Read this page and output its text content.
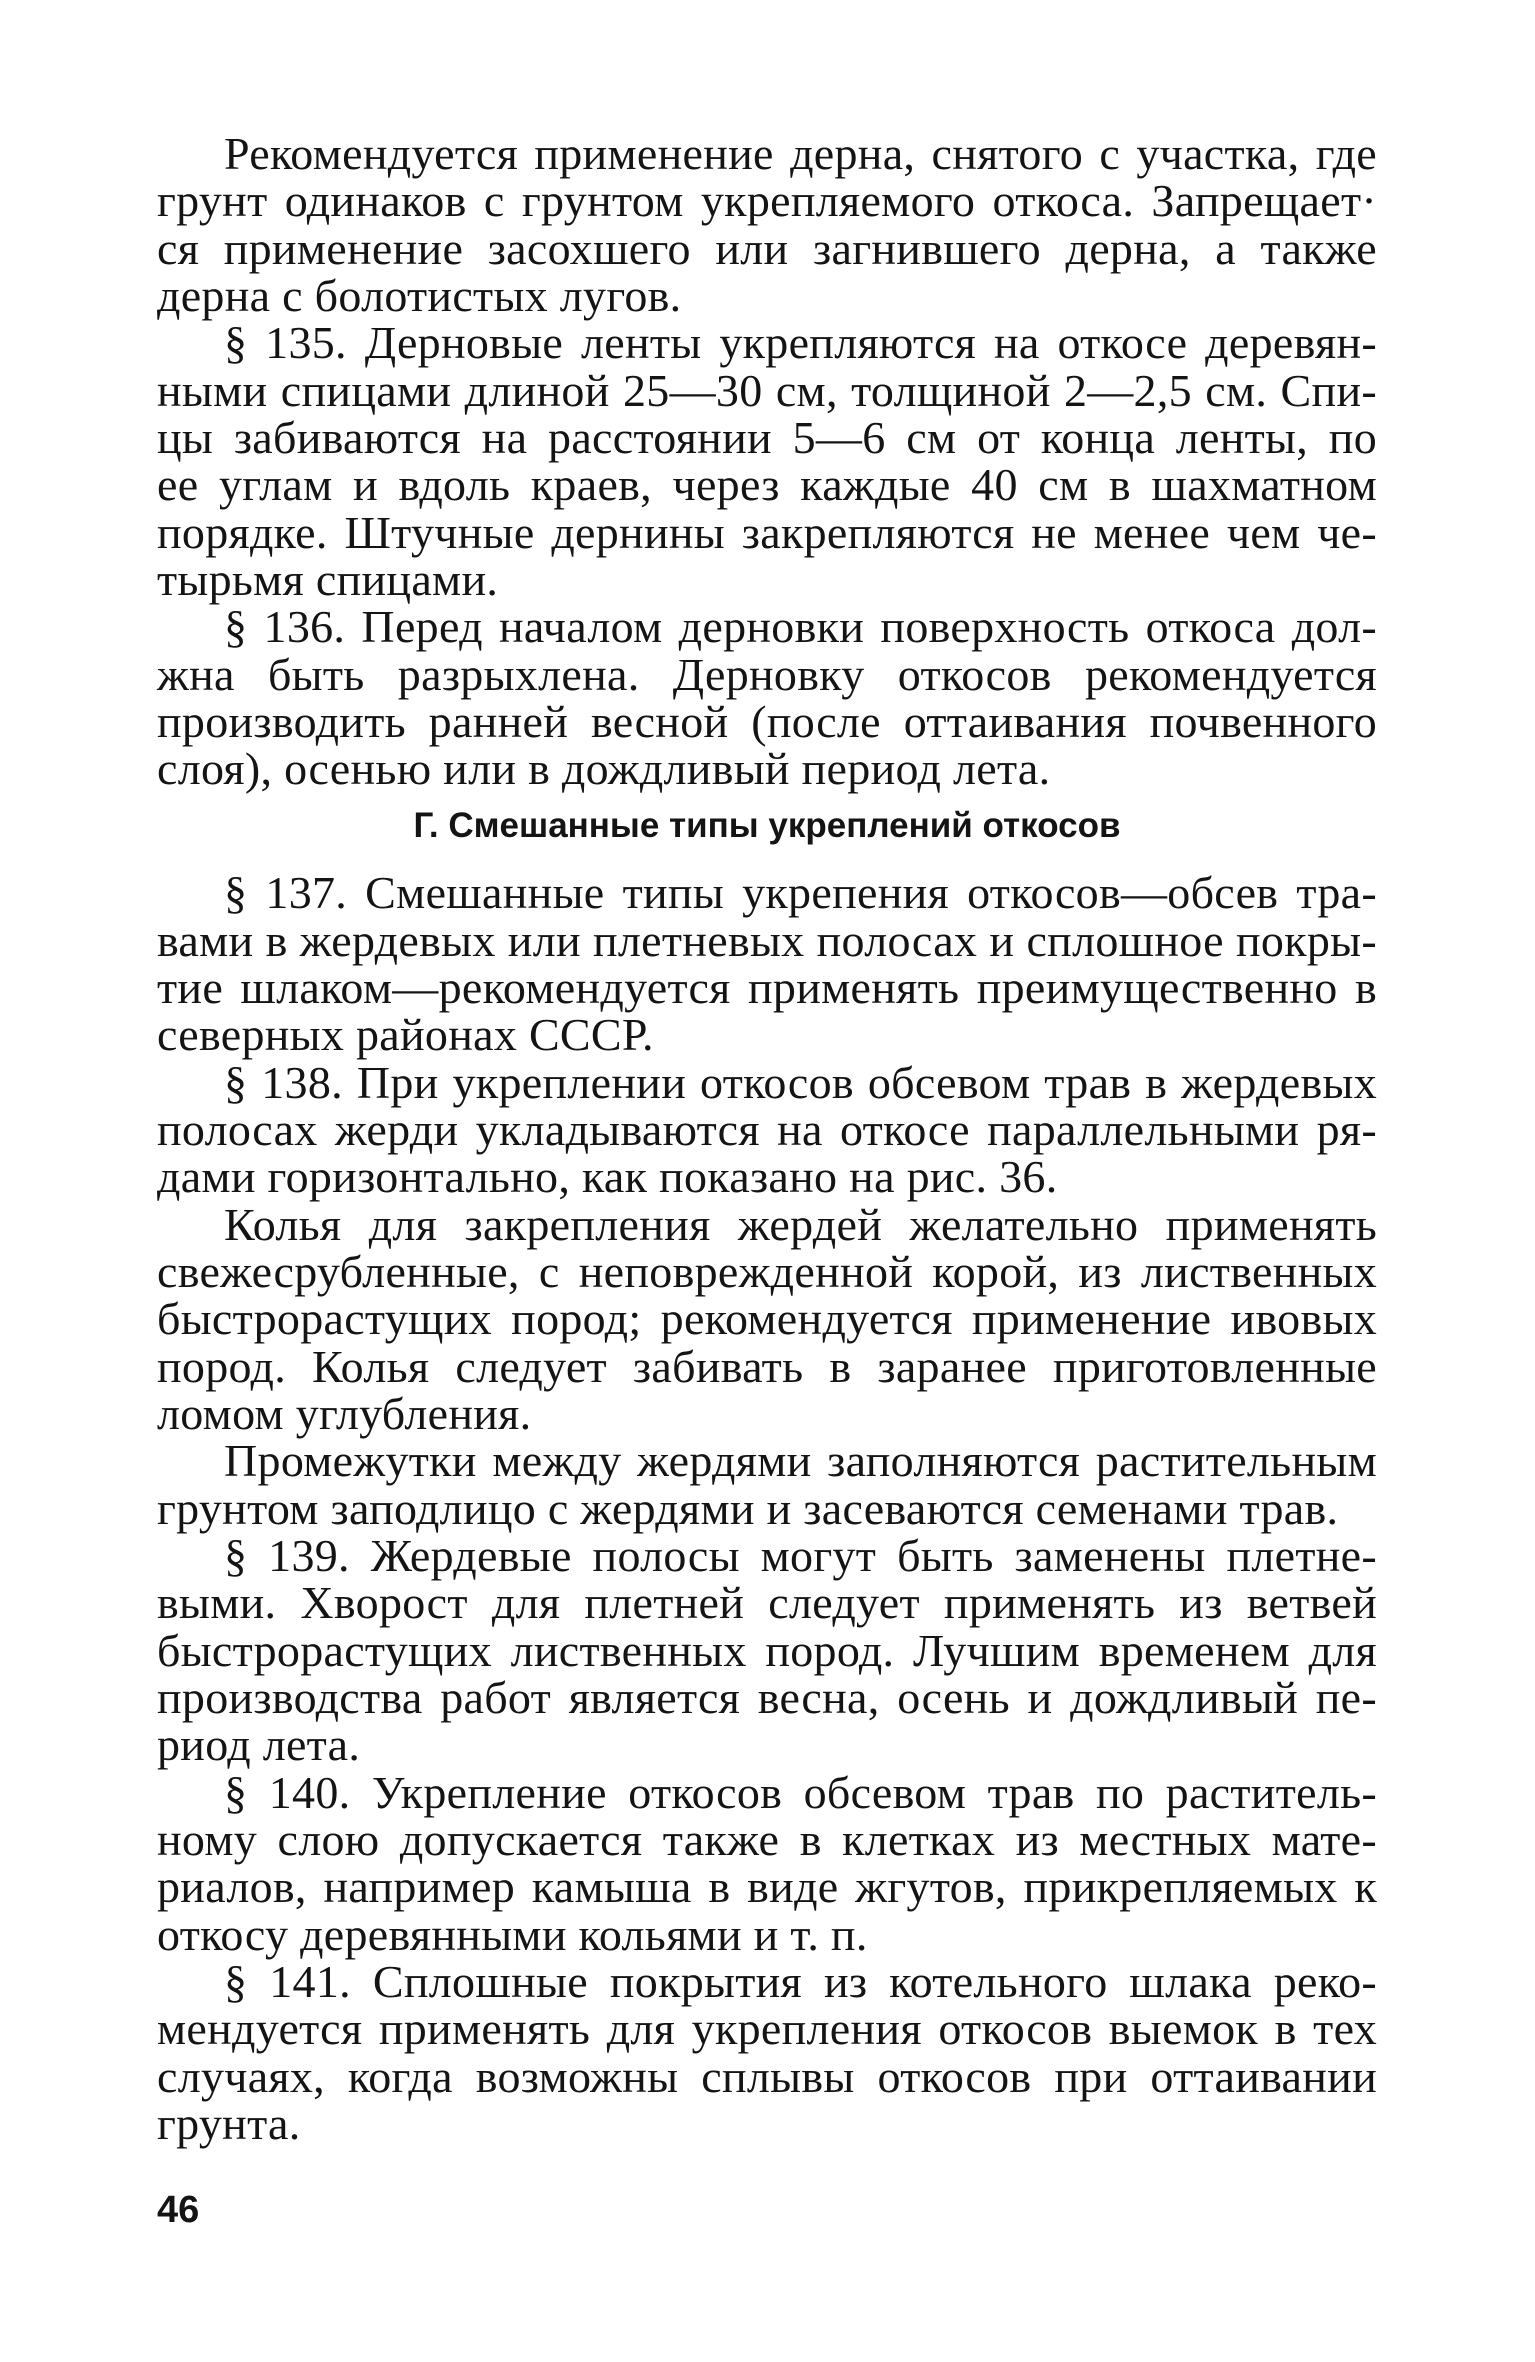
Рекомендуется применение дерна, снятого с участка, где
грунт одинаков с грунтом укрепляемого откоса. Запрещает·
ся применение засохшего или загнившего дерна, а также
дерна с болотистых лугов.
§ 135. Дерновые ленты укрепляются на откосе деревян-
ными спицами длиной 25—30 см, толщиной 2—2,5 см. Спи-
цы забиваются на расстоянии 5—6 см от конца ленты, по
ее углам и вдоль краев, через каждые 40 см в шахматном
порядке. Штучные дернины закрепляются не менее чем че-
тырьмя спицами.
§ 136. Перед началом дерновки поверхность откоса дол-
жна быть разрыхлена. Дерновку откосов рекомендуется
производить ранней весной (после оттаивания почвенного
слоя), осенью или в дождливый период лета.
Г. Смешанные типы укреплений откосов
§ 137. Смешанные типы укрепения откосов—обсев тра-
вами в жердевых или плетневых полосах и сплошное покры-
тие шлаком—рекомендуется применять преимущественно в
северных районах СССР.
§ 138. При укреплении откосов обсевом трав в жердевых
полосах жерди укладываются на откосе параллельными ря-
дами горизонтально, как показано на рис. 36.
Колья для закрепления жердей желательно применять
свежесрубленные, с неповрежденной корой, из лиственных
быстрорастущих пород; рекомендуется применение ивовых
пород. Колья следует забивать в заранее приготовленные
ломом углубления.
Промежутки между жердями заполняются растительным
грунтом заподлицо с жердями и засеваются семенами трав.
§ 139. Жердевые полосы могут быть заменены плетне-
выми. Хворост для плетней следует применять из ветвей
быстрорастущих лиственных пород. Лучшим временем для
производства работ является весна, осень и дождливый пе-
риод лета.
§ 140. Укрепление откосов обсевом трав по раститель-
ному слою допускается также в клетках из местных мате-
риалов, например камыша в виде жгутов, прикрепляемых к
откосу деревянными кольями и т. п.
§ 141. Сплошные покрытия из котельного шлака реко-
мендуется применять для укрепления откосов выемок в тех
случаях, когда возможны сплывы откосов при оттаивании
грунта.
46
